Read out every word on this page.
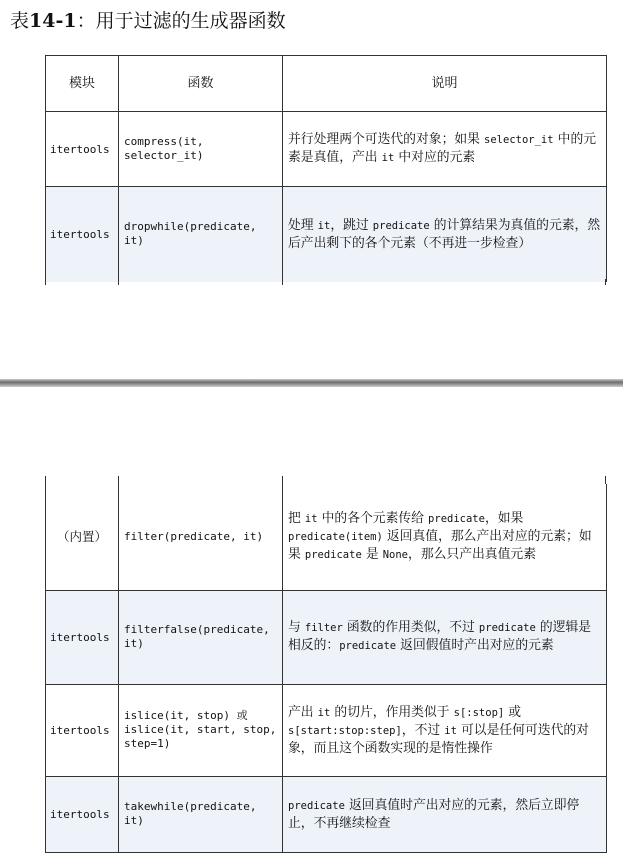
表14-1：用于过滤的生成器函数
模块	函数	说明
itertools	compress(it, selector_it)	并行处理两个可迭代的对象；如果 selector_it 中的元素是真值，产出 it 中对应的元素
itertools	dropwhile(predicate, it)	处理 it，跳过 predicate 的计算结果为真值的元素，然后产出剩下的各个元素（不再进一步检查）
（内置）	filter(predicate, it)	把 it 中的各个元素传给 predicate，如果 predicate(item) 返回真值，那么产出对应的元素；如果 predicate 是 None，那么只产出真值元素
itertools	filterfalse(predicate, it)	与 filter 函数的作用类似，不过 predicate 的逻辑是相反的：predicate 返回假值时产出对应的元素
itertools	islice(it, stop) 或 islice(it, start, stop, step=1)	产出 it 的切片，作用类似于 s[:stop] 或 s[start:stop:step]，不过 it 可以是任何可迭代的对象，而且这个函数实现的是惰性操作
itertools	takewhile(predicate, it)	predicate 返回真值时产出对应的元素，然后立即停止，不再继续检查
